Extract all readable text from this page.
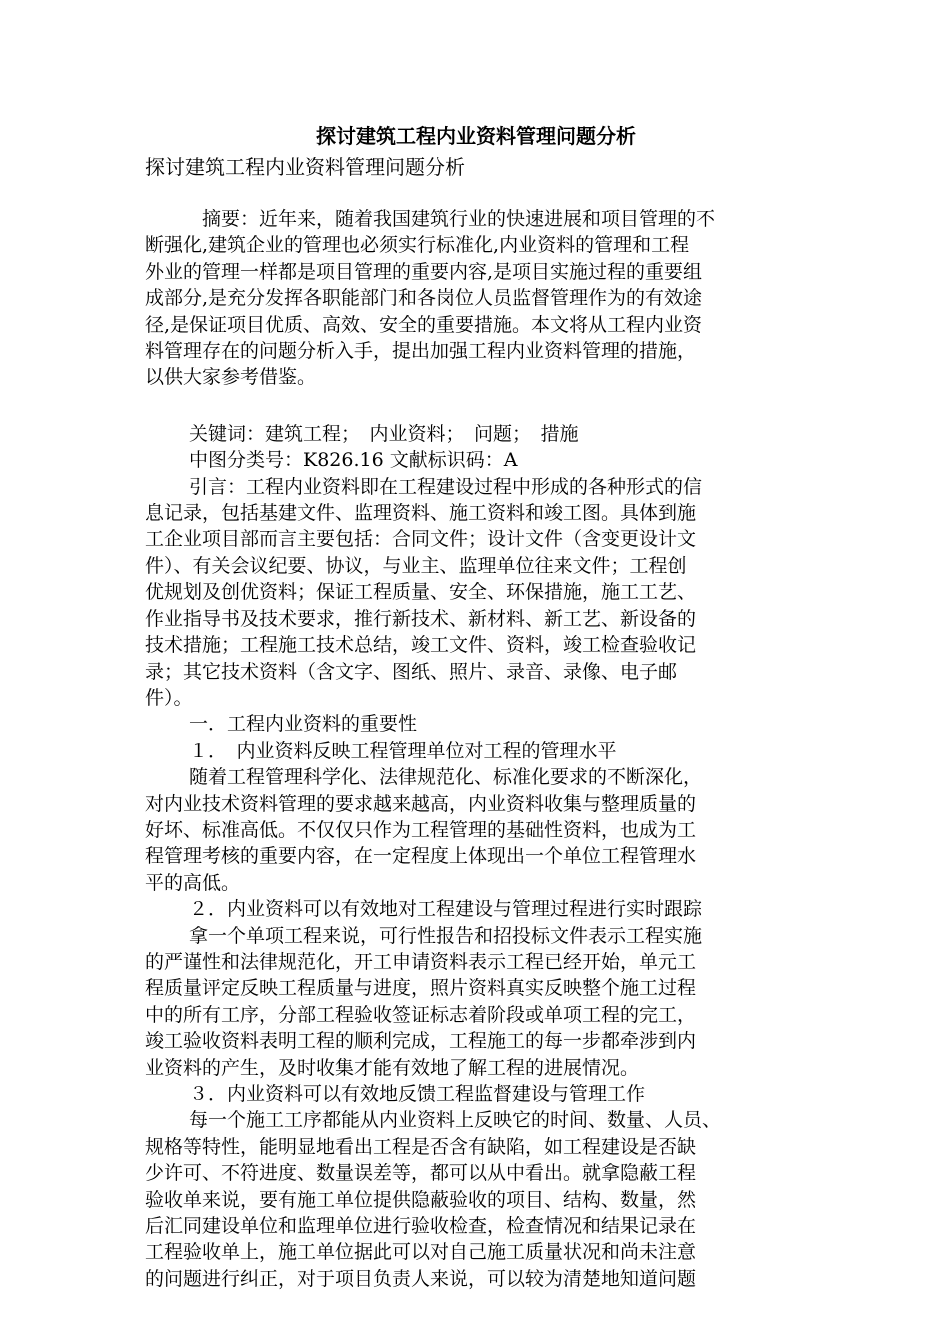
探讨建筑工程内业资料管理问题分析

探讨建筑工程内业资料管理问题分析

摘要：近年来，随着我国建筑行业的快速进展和项目管理的不

断强化,建筑企业的管理也必须实行标准化,内业资料的管理和工程

外业的管理一样都是项目管理的重要内容,是项目实施过程的重要组

成部分,是充分发挥各职能部门和各岗位人员监督管理作为的有效途

径,是保证项目优质、高效、安全的重要措施。本文将从工程内业资

料管理存在的问题分析入手，提出加强工程内业资料管理的措施，

以供大家参考借鉴。

关键词：建筑工程；　内业资料；　问题；　措施

中图分类号：K826.16 文献标识码：A

引言：工程内业资料即在工程建设过程中形成的各种形式的信

息记录，包括基建文件、监理资料、施工资料和竣工图。具体到施

工企业项目部而言主要包括：合同文件；设计文件（含变更设计文

件）、有关会议纪要、协议，与业主、监理单位往来文件；工程创

优规划及创优资料；保证工程质量、安全、环保措施，施工工艺、

作业指导书及技术要求，推行新技术、新材料、新工艺、新设备的

技术措施；工程施工技术总结，竣工文件、资料，竣工检查验收记

录；其它技术资料（含文字、图纸、照片、录音、录像、电子邮

件）。

一．工程内业资料的重要性

１．　内业资料反映工程管理单位对工程的管理水平

随着工程管理科学化、法律规范化、标准化要求的不断深化，

对内业技术资料管理的要求越来越高，内业资料收集与整理质量的

好坏、标准高低。不仅仅只作为工程管理的基础性资料，也成为工

程管理考核的重要内容，在一定程度上体现出一个单位工程管理水

平的高低。

２．内业资料可以有效地对工程建设与管理过程进行实时跟踪

拿一个单项工程来说，可行性报告和招投标文件表示工程实施

的严谨性和法律规范化，开工申请资料表示工程已经开始，单元工

程质量评定反映工程质量与进度，照片资料真实反映整个施工过程

中的所有工序，分部工程验收签证标志着阶段或单项工程的完工，

竣工验收资料表明工程的顺利完成，工程施工的每一步都牵涉到内

业资料的产生，及时收集才能有效地了解工程的进展情况。

３．内业资料可以有效地反馈工程监督建设与管理工作

每一个施工工序都能从内业资料上反映它的时间、数量、人员、

规格等特性，能明显地看出工程是否含有缺陷，如工程建设是否缺

少许可、不符进度、数量误差等，都可以从中看出。就拿隐蔽工程

验收单来说，要有施工单位提供隐蔽验收的项目、结构、数量，然

后汇同建设单位和监理单位进行验收检查，检查情况和结果记录在

工程验收单上，施工单位据此可以对自己施工质量状况和尚未注意

的问题进行纠正，对于项目负责人来说，可以较为清楚地知道问题
